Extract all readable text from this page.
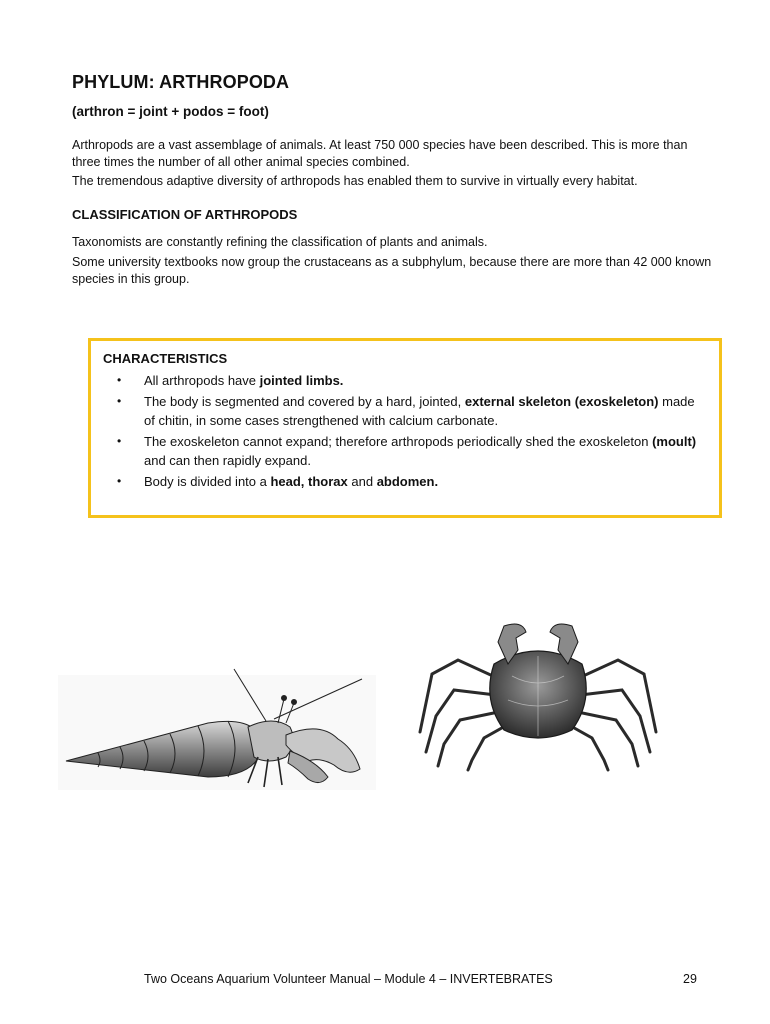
PHYLUM: ARTHROPODA

(arthron = joint + podos = foot)

Arthropods are a vast assemblage of animals. At least 750 000 species have been described. This is more than three times the number of all other animal species combined.

The tremendous adaptive diversity of arthropods has enabled them to survive in virtually every habitat.

CLASSIFICATION OF ARTHROPODS

Taxonomists are constantly refining the classification of plants and animals.

Some university textbooks now group the crustaceans as a subphylum, because there are more than 42 000 known species in this group.

CHARACTERISTICS
• All arthropods have jointed limbs.
• The body is segmented and covered by a hard, jointed, external skeleton (exoskeleton) made of chitin, in some cases strengthened with calcium carbonate.
• The exoskeleton cannot expand; therefore arthropods periodically shed the exoskeleton (moult) and can then rapidly expand.
• Body is divided into a head, thorax and abdomen.
Two Oceans Aquarium Volunteer Manual – Module 4 – INVERTEBRATES	29
